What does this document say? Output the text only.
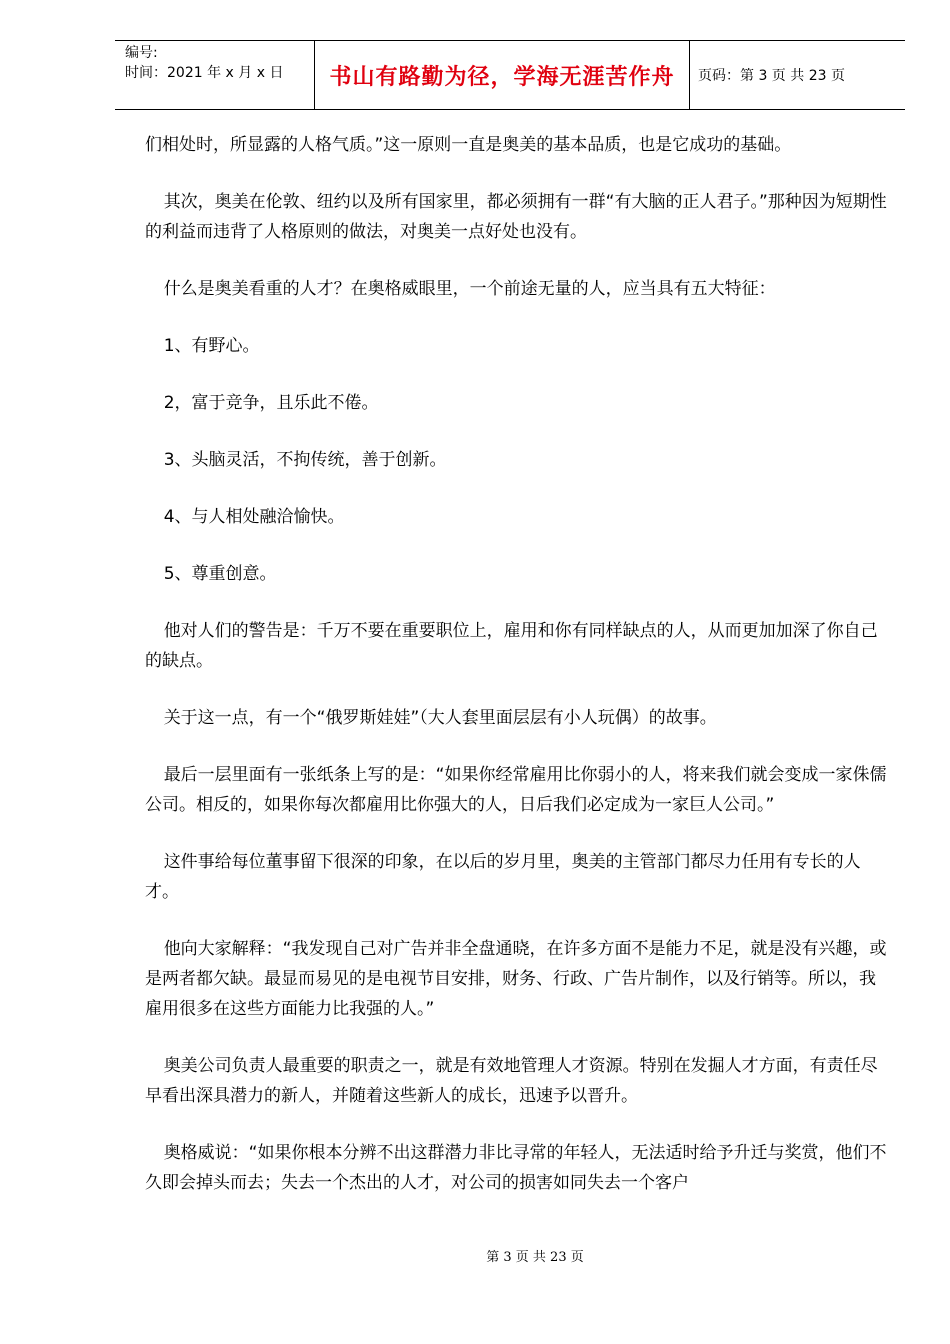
编号:
时间：2021 年 x 月 x 日	书山有路勤为径，学海无涯苦作舟	页码：第 3 页 共 23 页

们相处时，所显露的人格气质。”这一原则一直是奥美的基本品质，也是它成功的基础。

其次，奥美在伦敦、纽约以及所有国家里，都必须拥有一群“有大脑的正人君子。”那种因为短期性的利益而违背了人格原则的做法，对奥美一点好处也没有。

什么是奥美看重的人才？在奥格威眼里，一个前途无量的人，应当具有五大特征：

1、有野心。

2，富于竞争，且乐此不倦。

3、头脑灵活，不拘传统，善于创新。

4、与人相处融洽愉快。

5、尊重创意。

他对人们的警告是：千万不要在重要职位上，雇用和你有同样缺点的人，从而更加加深了你自己的缺点。

关于这一点，有一个“俄罗斯娃娃”（大人套里面层层有小人玩偶）的故事。

最后一层里面有一张纸条上写的是：“如果你经常雇用比你弱小的人，将来我们就会变成一家侏儒公司。相反的，如果你每次都雇用比你强大的人，日后我们必定成为一家巨人公司。”

这件事给每位董事留下很深的印象，在以后的岁月里，奥美的主管部门都尽力任用有专长的人才。

他向大家解释：“我发现自己对广告并非全盘通晓，在许多方面不是能力不足，就是没有兴趣，或是两者都欠缺。最显而易见的是电视节目安排，财务、行政、广告片制作，以及行销等。所以，我雇用很多在这些方面能力比我强的人。”

奥美公司负责人最重要的职责之一，就是有效地管理人才资源。特别在发掘人才方面，有责任尽早看出深具潜力的新人，并随着这些新人的成长，迅速予以晋升。

奥格威说：“如果你根本分辨不出这群潜力非比寻常的年轻人，无法适时给予升迁与奖赏，他们不久即会掉头而去；失去一个杰出的人才，对公司的损害如同失去一个客户

第 3 页 共 23 页
